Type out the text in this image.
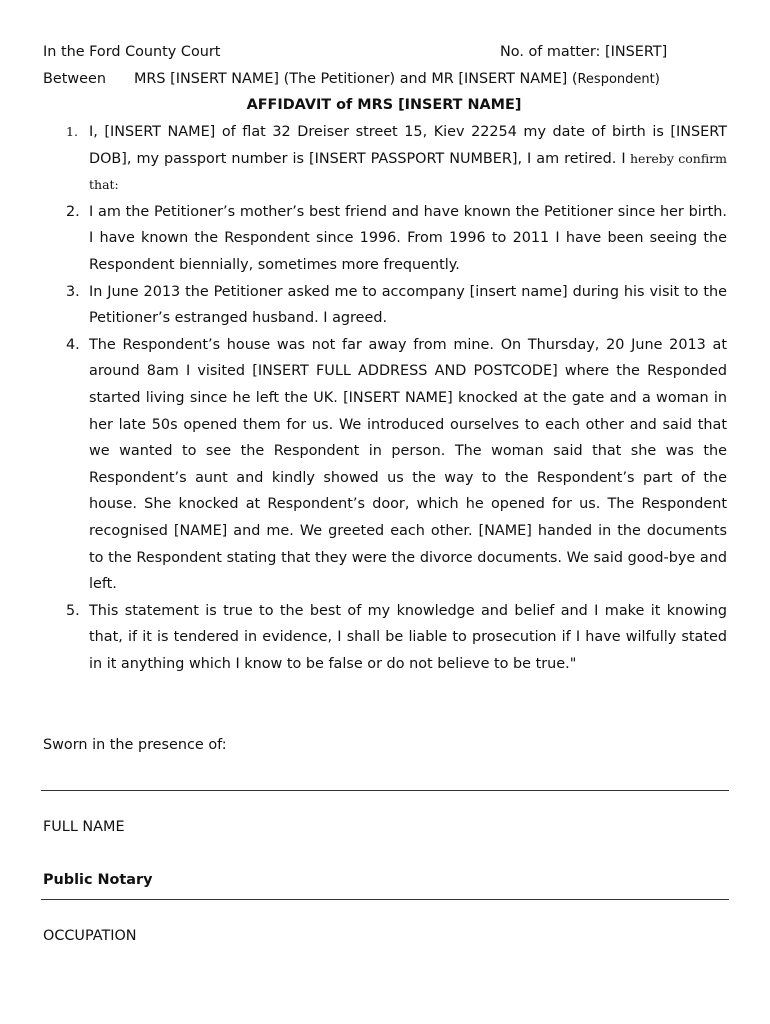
In the Ford County Court	No. of matter: [INSERT]
Between MRS [INSERT NAME] (The Petitioner) and MR [INSERT NAME] (Respondent)
AFFIDAVIT of MRS [INSERT NAME]
1. I, [INSERT NAME] of flat 32 Dreiser street 15, Kiev 22254 my date of birth is [INSERT DOB], my passport number is [INSERT PASSPORT NUMBER], I am retired. I hereby confirm that:
2. I am the Petitioner’s mother’s best friend and have known the Petitioner since her birth. I have known the Respondent since 1996. From 1996 to 2011 I have been seeing the Respondent biennially, sometimes more frequently.
3. In June 2013 the Petitioner asked me to accompany [insert name] during his visit to the Petitioner’s estranged husband. I agreed.
4. The Respondent’s house was not far away from mine. On Thursday, 20 June 2013 at around 8am I visited [INSERT FULL ADDRESS AND POSTCODE] where the Responded started living since he left the UK. [INSERT NAME] knocked at the gate and a woman in her late 50s opened them for us. We introduced ourselves to each other and said that we wanted to see the Respondent in person. The woman said that she was the Respondent’s aunt and kindly showed us the way to the Respondent’s part of the house. She knocked at Respondent’s door, which he opened for us. The Respondent recognised [NAME] and me. We greeted each other. [NAME] handed in the documents to the Respondent stating that they were the divorce documents. We said good-bye and left.
5. This statement is true to the best of my knowledge and belief and I make it knowing that, if it is tendered in evidence, I shall be liable to prosecution if I have wilfully stated in it anything which I know to be false or do not believe to be true."
Sworn in the presence of:
FULL NAME
Public Notary
OCCUPATION
